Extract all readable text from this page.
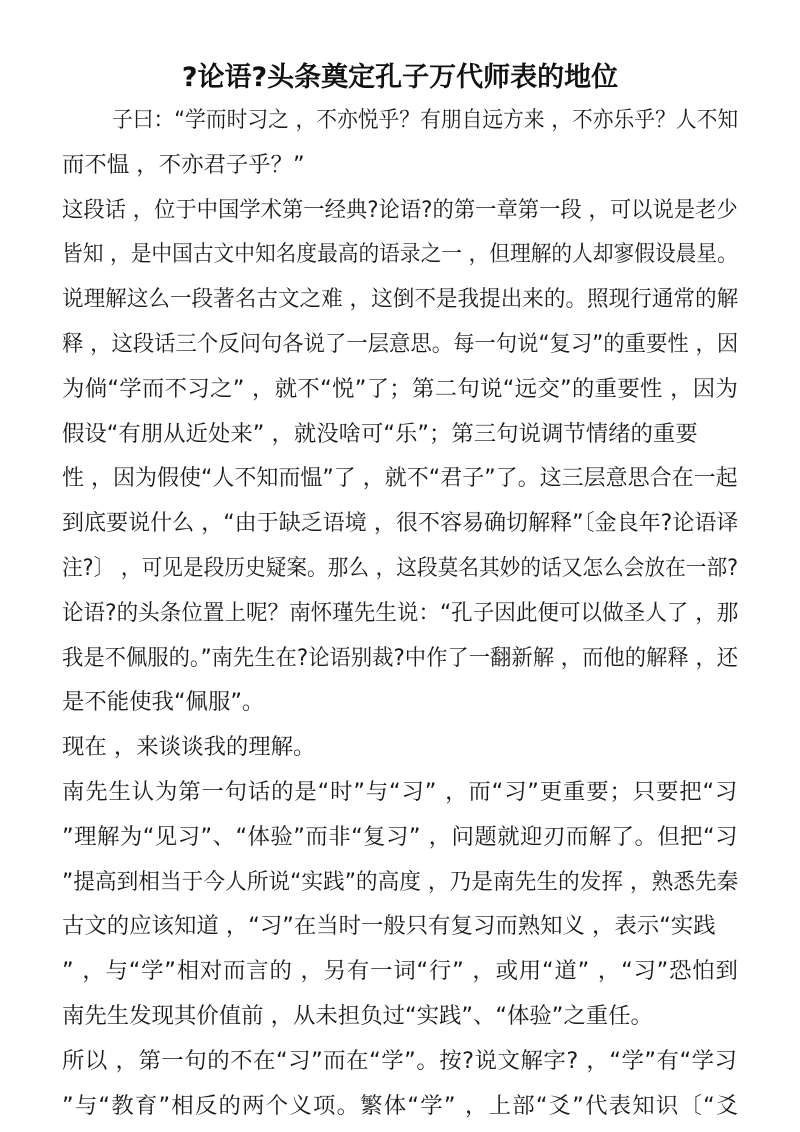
?论语?头条奠定孔子万代师表的地位
子曰：“学而时习之 ，不亦悦乎？有朋自远方来 ，不亦乐乎？人不知
而不愠 ，不亦君子乎？”
这段话 ，位于中国学术第一经典?论语?的第一章第一段 ，可以说是老少
皆知 ，是中国古文中知名度最高的语录之一 ，但理解的人却寥假设晨星。
说理解这么一段著名古文之难 ，这倒不是我提出来的。照现行通常的解
释 ，这段话三个反问句各说了一层意思。每一句说“复习”的重要性 ，因
为倘“学而不习之” ，就不“悦”了；第二句说“远交”的重要性 ，因为
假设“有朋从近处来” ，就没啥可“乐”；第三句说调节情绪的重要
性 ，因为假使“人不知而愠”了 ，就不“君子”了。这三层意思合在一起
到底要说什么 ，“由于缺乏语境 ，很不容易确切解释”〔金良年?论语译
注?〕 ，可见是段历史疑案。那么 ，这段莫名其妙的话又怎么会放在一部?
论语?的头条位置上呢？南怀瑾先生说：“孔子因此便可以做圣人了 ，那
我是不佩服的。”南先生在?论语别裁?中作了一翻新解 ，而他的解释 ，还
是不能使我“佩服”。
现在 ，来谈谈我的理解。
南先生认为第一句话的是“时”与“习” ，而“习”更重要；只要把“习
”理解为“见习”、“体验”而非“复习” ，问题就迎刃而解了。但把“习
”提高到相当于今人所说“实践”的高度 ，乃是南先生的发挥 ，熟悉先秦
古文的应该知道 ，“习”在当时一般只有复习而熟知义 ，表示“实践
” ，与“学”相对而言的 ，另有一词“行” ，或用“道” ，“习”恐怕到
南先生发现其价值前 ，从未担负过“实践”、“体验”之重任。
所以 ，第一句的不在“习”而在“学”。按?说文解字? ，“学”有“学习
”与“教育”相反的两个义项。繁体“学” ，上部“爻”代表知识〔“爻
